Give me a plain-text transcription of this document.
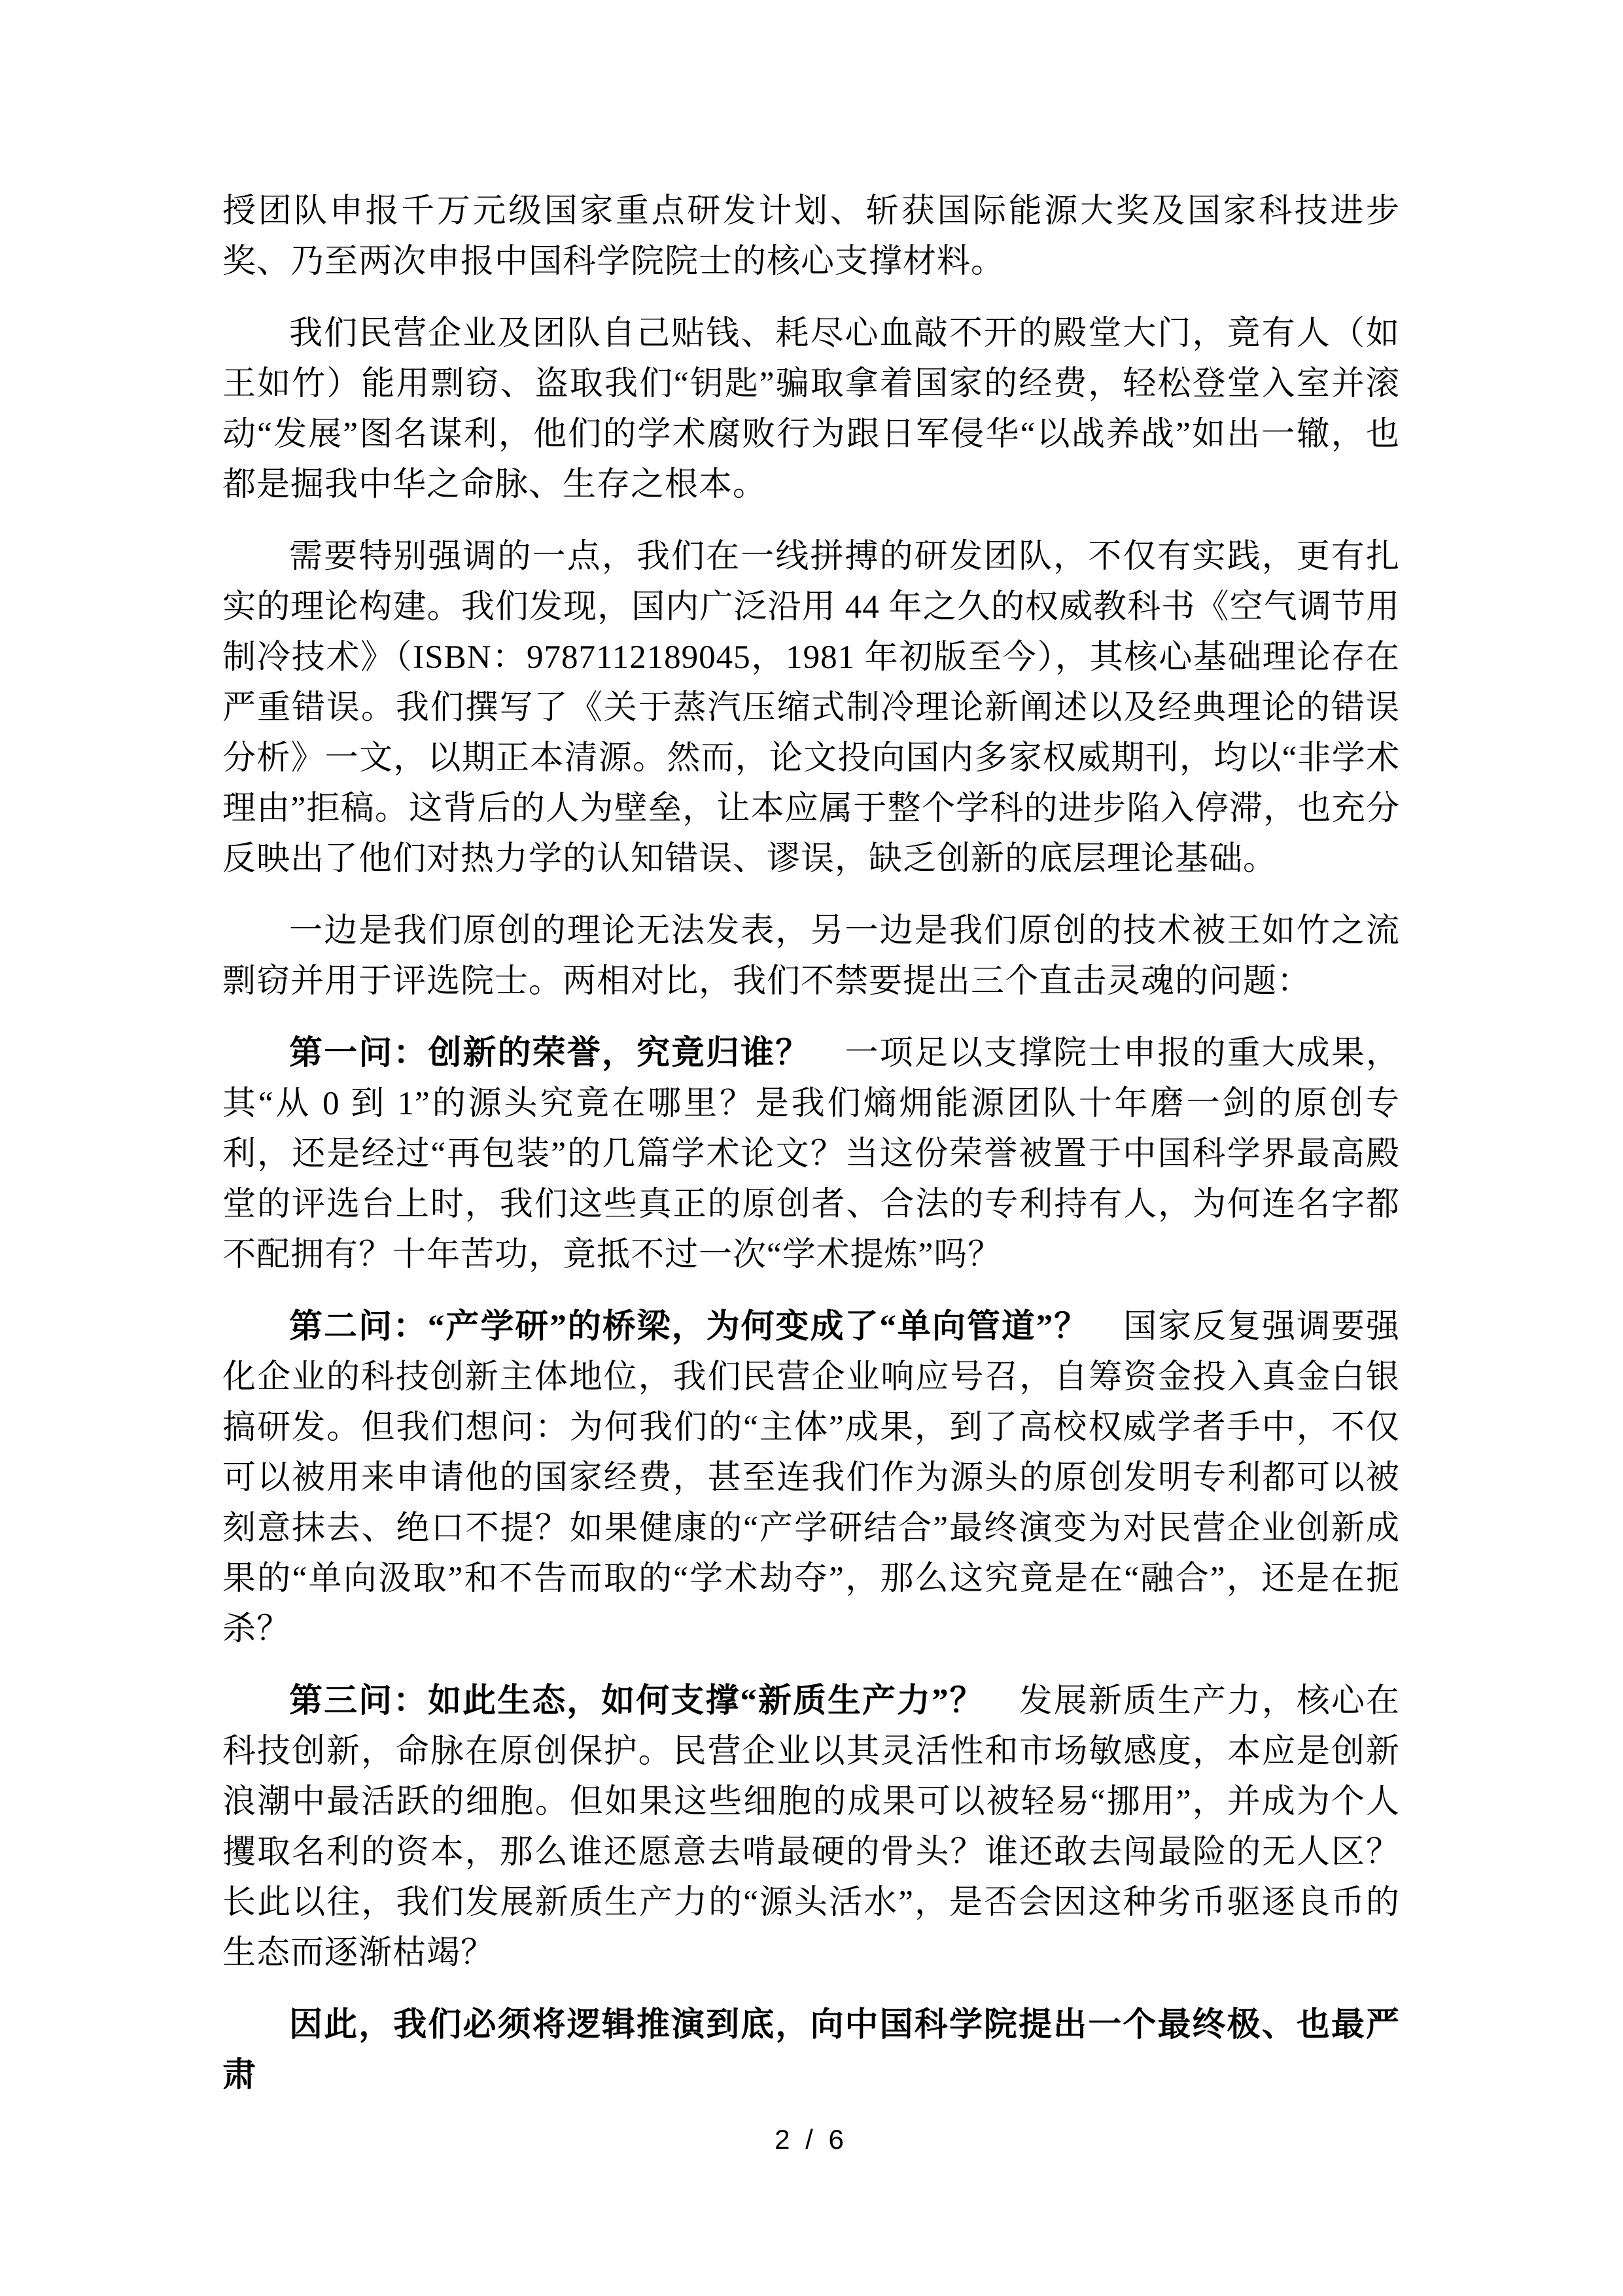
授团队申报千万元级国家重点研发计划、斩获国际能源大奖及国家科技进步奖、乃至两次申报中国科学院院士的核心支撑材料。

我们民营企业及团队自己贴钱、耗尽心血敲不开的殿堂大门，竟有人（如王如竹）能用剽窃、盗取我们“钥匙”骗取拿着国家的经费，轻松登堂入室并滚动“发展”图名谋利，他们的学术腐败行为跟日军侵华“以战养战”如出一辙，也都是掘我中华之命脉、生存之根本。

需要特别强调的一点，我们在一线拼搏的研发团队，不仅有实践，更有扎实的理论构建。我们发现，国内广泛沿用 44 年之久的权威教科书《空气调节用制冷技术》（ISBN：9787112189045，1981 年初版至今），其核心基础理论存在严重错误。我们撰写了《关于蒸汽压缩式制冷理论新阐述以及经典理论的错误分析》一文，以期正本清源。然而，论文投向国内多家权威期刊，均以“非学术理由”拒稿。这背后的人为壁垒，让本应属于整个学科的进步陷入停滞，也充分反映出了他们对热力学的认知错误、谬误，缺乏创新的底层理论基础。

一边是我们原创的理论无法发表，另一边是我们原创的技术被王如竹之流剽窃并用于评选院士。两相对比，我们不禁要提出三个直击灵魂的问题：

第一问：创新的荣誉，究竟归谁？　一项足以支撑院士申报的重大成果，其“从 0 到 1”的源头究竟在哪里？是我们熵㶲能源团队十年磨一剑的原创专利，还是经过“再包装”的几篇学术论文？当这份荣誉被置于中国科学界最高殿堂的评选台上时，我们这些真正的原创者、合法的专利持有人，为何连名字都不配拥有？十年苦功，竟抵不过一次“学术提炼”吗？

第二问：“产学研”的桥梁，为何变成了“单向管道”？　国家反复强调要强化企业的科技创新主体地位，我们民营企业响应号召，自筹资金投入真金白银搞研发。但我们想问：为何我们的“主体”成果，到了高校权威学者手中，不仅可以被用来申请他的国家经费，甚至连我们作为源头的原创发明专利都可以被刻意抹去、绝口不提？如果健康的“产学研结合”最终演变为对民营企业创新成果的“单向汲取”和不告而取的“学术劫夺”，那么这究竟是在“融合”，还是在扼杀？

第三问：如此生态，如何支撑“新质生产力”？　发展新质生产力，核心在科技创新，命脉在原创保护。民营企业以其灵活性和市场敏感度，本应是创新浪潮中最活跃的细胞。但如果这些细胞的成果可以被轻易“挪用”，并成为个人攫取名利的资本，那么谁还愿意去啃最硬的骨头？谁还敢去闯最险的无人区？长此以往，我们发展新质生产力的“源头活水”，是否会因这种劣币驱逐良币的生态而逐渐枯竭？

因此，我们必须将逻辑推演到底，向中国科学院提出一个最终极、也最严肃

2 / 6
